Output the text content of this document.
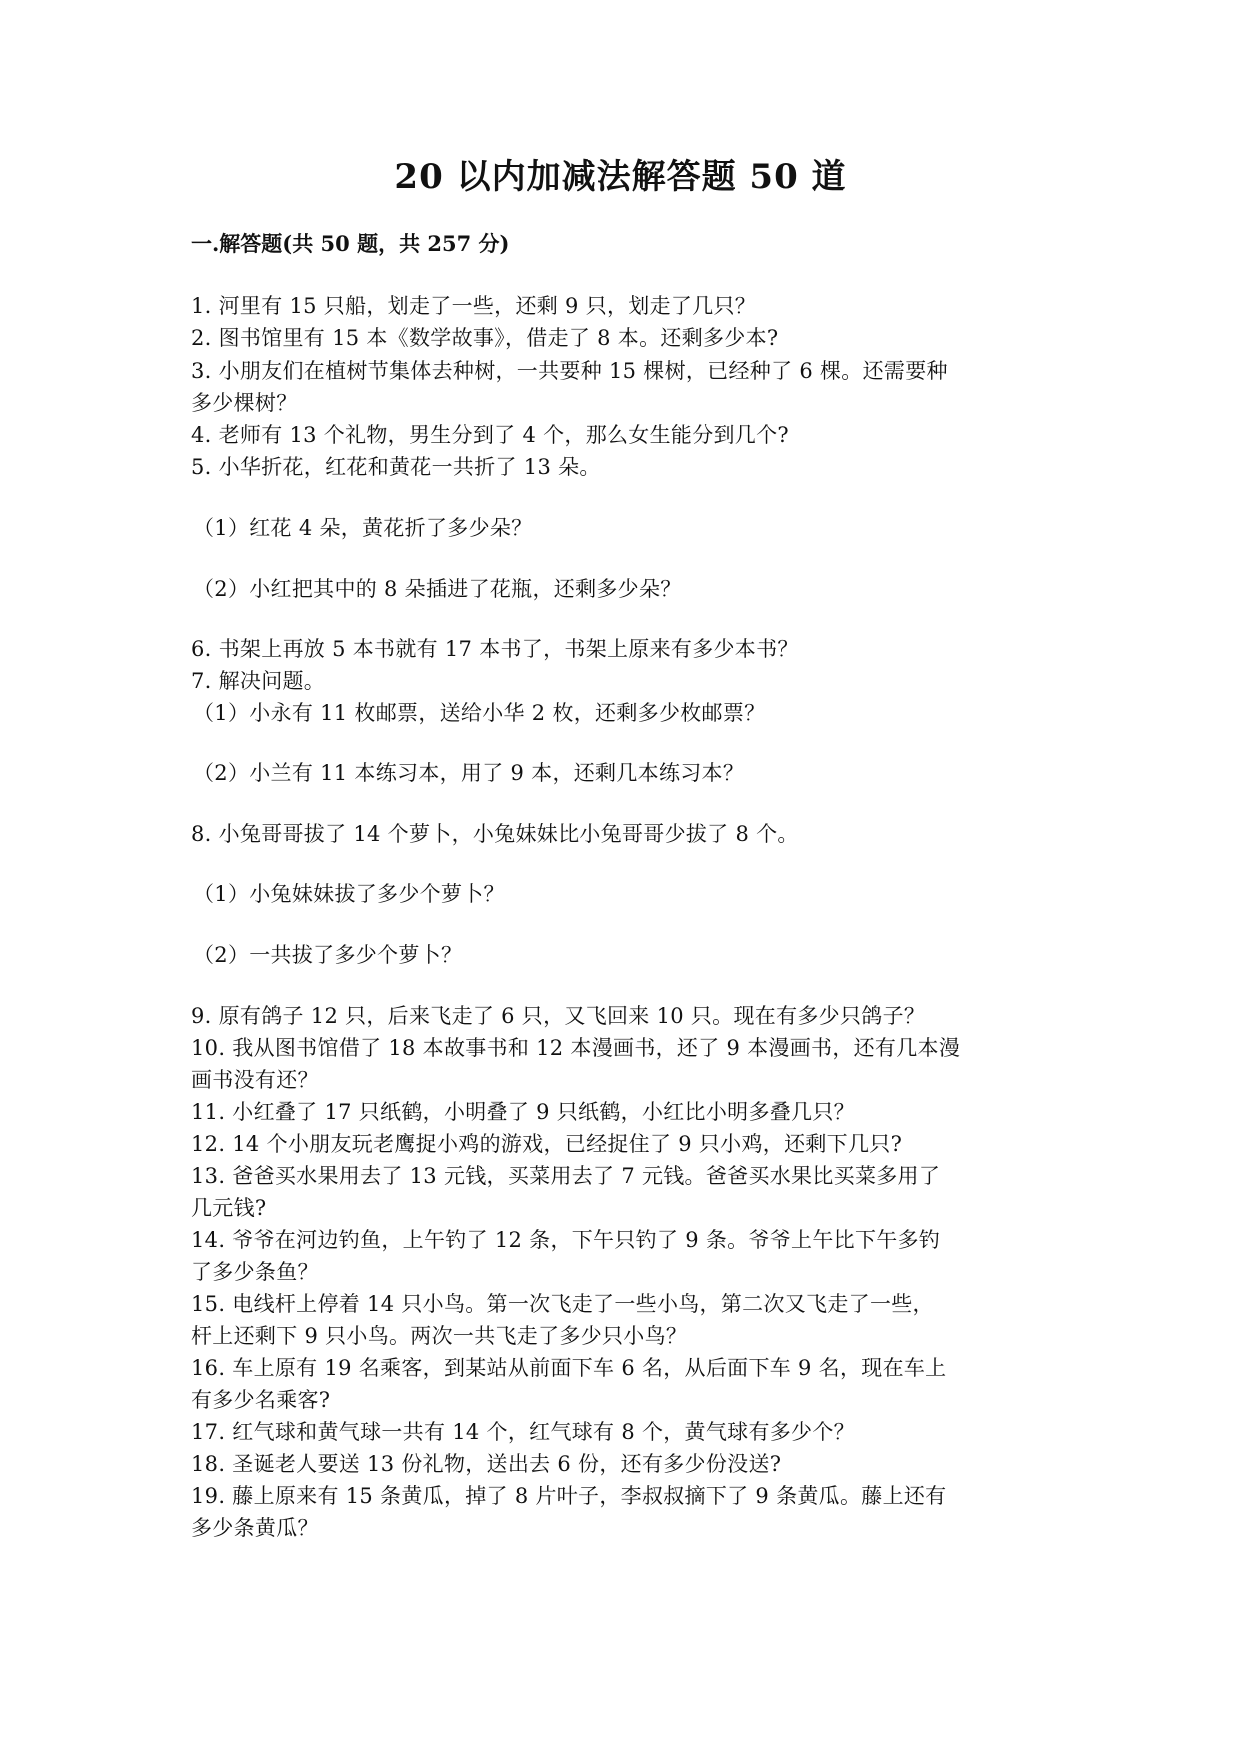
20 以内加减法解答题 50 道
一.解答题(共 50 题，共 257 分)
1. 河里有 15 只船，划走了一些，还剩 9 只，划走了几只？
2. 图书馆里有 15 本《数学故事》，借走了 8 本。还剩多少本?
3. 小朋友们在植树节集体去种树，一共要种 15 棵树，已经种了 6 棵。还需要种
多少棵树？
4. 老师有 13 个礼物，男生分到了 4 个，那么女生能分到几个?
5. 小华折花，红花和黄花一共折了 13 朵。
（1）红花 4 朵，黄花折了多少朵？
（2）小红把其中的 8 朵插进了花瓶，还剩多少朵？
6. 书架上再放 5 本书就有 17 本书了，书架上原来有多少本书？
7. 解决问题。
（1）小永有 11 枚邮票，送给小华 2 枚，还剩多少枚邮票？
（2）小兰有 11 本练习本，用了 9 本，还剩几本练习本？
8. 小兔哥哥拔了 14 个萝卜，小兔妹妹比小兔哥哥少拔了 8 个。
（1）小兔妹妹拔了多少个萝卜？
（2）一共拔了多少个萝卜？
9. 原有鸽子 12 只，后来飞走了 6 只，又飞回来 10 只。现在有多少只鸽子？
10. 我从图书馆借了 18 本故事书和 12 本漫画书，还了 9 本漫画书，还有几本漫
画书没有还？
11. 小红叠了 17 只纸鹤，小明叠了 9 只纸鹤，小红比小明多叠几只？
12. 14 个小朋友玩老鹰捉小鸡的游戏，已经捉住了 9 只小鸡，还剩下几只?
13. 爸爸买水果用去了 13 元钱，买菜用去了 7 元钱。爸爸买水果比买菜多用了
几元钱?
14. 爷爷在河边钓鱼，上午钓了 12 条，下午只钓了 9 条。爷爷上午比下午多钓
了多少条鱼？
15. 电线杆上停着 14 只小鸟。第一次飞走了一些小鸟，第二次又飞走了一些，
杆上还剩下 9 只小鸟。两次一共飞走了多少只小鸟？
16. 车上原有 19 名乘客，到某站从前面下车 6 名，从后面下车 9 名，现在车上
有多少名乘客?
17. 红气球和黄气球一共有 14 个，红气球有 8 个，黄气球有多少个？
18. 圣诞老人要送 13 份礼物，送出去 6 份，还有多少份没送?
19. 藤上原来有 15 条黄瓜，掉了 8 片叶子，李叔叔摘下了 9 条黄瓜。藤上还有
多少条黄瓜？
